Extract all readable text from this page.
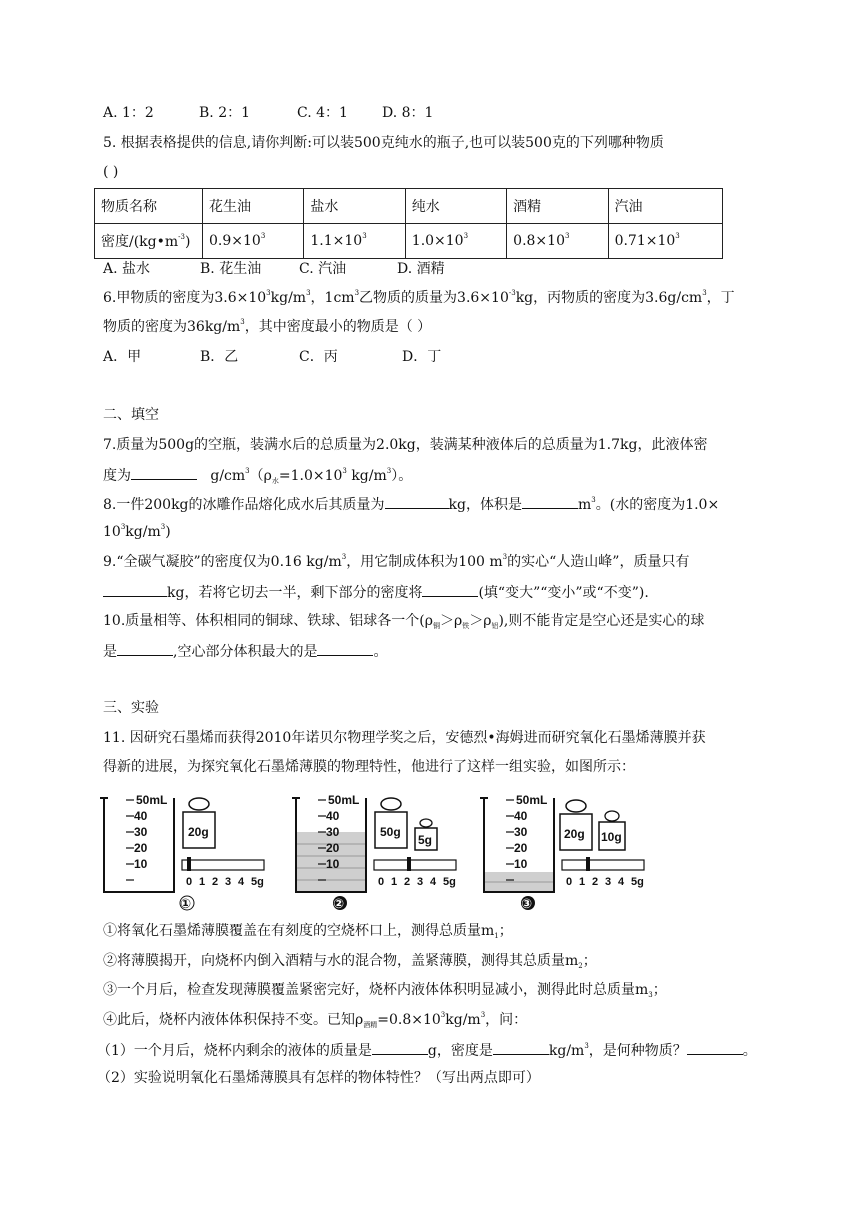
A. 1：2	B. 2：1	C. 4：1 D. 8：1
5. 根据表格提供的信息,请你判断:可以装500克纯水的瓶子,也可以装500克的下列哪种物质
( )
物质名称	花生油	盐水	纯水	酒精	汽油
密度$/(kg•m^{-3})$	$0.9\times 10^3$	$1.1\times 10^3$	$1.0\times 10^3$	$0.8\times 10^3$	$0.71\times 10^3$
A. 盐水	B. 花生油	C. 汽油	D. 酒精
6.甲物质的密度为$3.6\times 10^3kg/m^3$，$1cm^3$乙物质的质量为$3.6\times 10^{-3}kg$，丙物质的密度为$3.6g/cm^3$，丁
物质的密度为$36kg/m^3$，其中密度最小的物质是（ ）
A．甲	B．乙	C．丙	D．丁
二、填空
7.质量为500g的空瓶，装满水后的总质量为2.0kg，装满某种液体后的总质量为1.7kg，此液体密
度为	$g/cm^3(\rho_水=1.0\times 10^3$ $kg/m^3$）。
8.一件200kg的冰雕作品熔化成水后其质量为	kg，体积是	$m^3$。(水的密度为1.0×
$10^3kg/m^3$)
9.“全碳气凝胶”的密度仅为0.16 $kg/m^3$，用它制成体积为100 $m^3$的实心“人造山峰”，质量只有
kg，若将它切去一半，剩下部分的密度将	(填“变大”“变小”或“不变”).
10.质量相等、体积相同的铜球、铁球、铝球各一个$(\rho_铜>\rho_铁>\rho_铝)$,则不能肯定是空心还是实心的球
是	,空心部分体积最大的是	。
三、实验
11. 因研究石墨烯而获得2010年诺贝尔物理学奖之后，安德烈•海姆进而研究氧化石墨烯薄膜并获
得新的进展，为探究氧化石墨烯薄膜的物理特性，他进行了这样一组实验，如图所示：
50mL
40
30
20
10
20g
0 1 2 3 4 5g
①
50mL
40
30
20
10
50g
5g
0 1 2 3 4 5g
②
50mL
40
30
20
10
20g 10g
0 1 2 3 4 5g
③
①将氧化石墨烯薄膜覆盖在有刻度的空烧杯口上，测得总质量$m_1$；
②将薄膜揭开，向烧杯内倒入酒精与水的混合物，盖紧薄膜，测得其总质量$m_2$；
③一个月后，检查发现薄膜覆盖紧密完好，烧杯内液体体积明显减小，测得此时总质量$m_3$；
④此后，烧杯内液体体积保持不变。已知$\rho_{酒精}=0.8\times 10^3kg/m^3$，问：
（1）一个月后，烧杯内剩余的液体的质量是	g，密度是	$kg/m^3$，是何种物质？	。
（2）实验说明氧化石墨烯薄膜具有怎样的物体特性？（写出两点即可）
